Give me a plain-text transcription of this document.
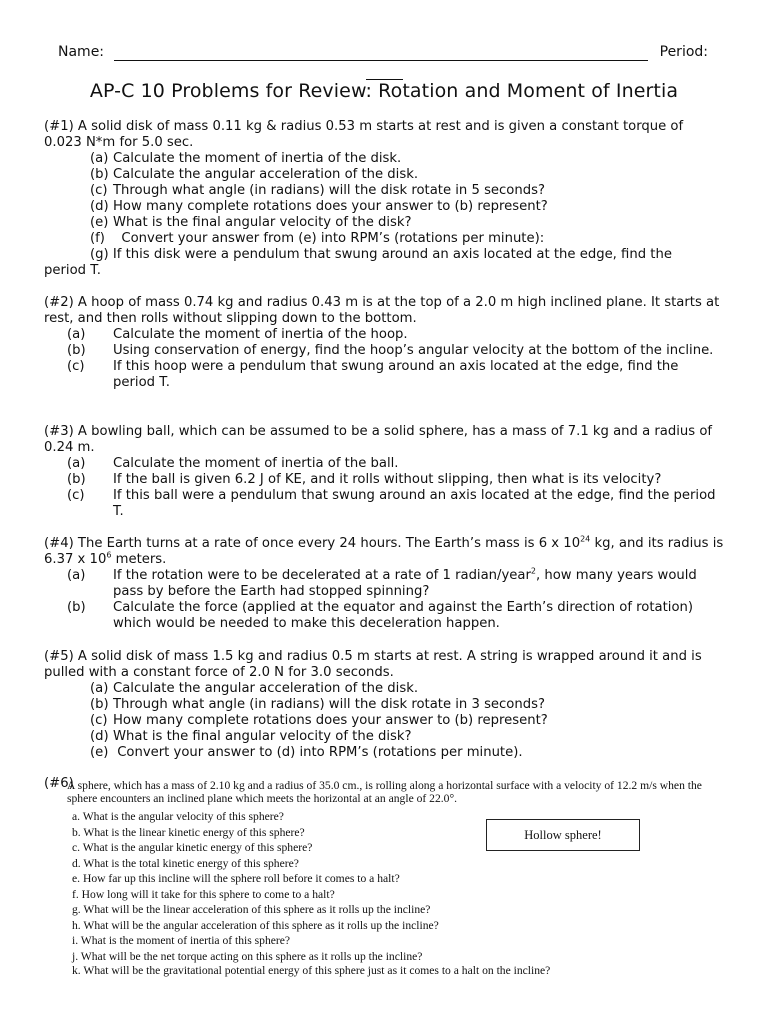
Name:	Period:
AP-C 10 Problems for Review: Rotation and Moment of Inertia

(#1) A solid disk of mass 0.11 kg & radius 0.53 m starts at rest and is given a constant torque of 0.023 N*m for 5.0 sec.

(a) Calculate the moment of inertia of the disk.
(b) Calculate the angular acceleration of the disk.
(c) Through what angle (in radians) will the disk rotate in 5 seconds?
(d) How many complete rotations does your answer to (b) represent?
(e) What is the final angular velocity of the disk?
(f)  Convert your answer from (e) into RPM’s (rotations per minute):
(g) If this disk were a pendulum that swung around an axis located at the edge, find the
period T.

(#2) A hoop of mass 0.74 kg and radius 0.43 m is at the top of a 2.0 m high inclined plane. It starts at rest, and then rolls without slipping down to the bottom.

(a) Calculate the moment of inertia of the hoop.
(b) Using conservation of energy, find the hoop’s angular velocity at the bottom of the incline.
(c) If this hoop were a pendulum that swung around an axis located at the edge, find the period T.

(#3) A bowling ball, which can be assumed to be a solid sphere, has a mass of 7.1 kg and a radius of 0.24 m.

(a) Calculate the moment of inertia of the ball.
(b) If the ball is given 6.2 J of KE, and it rolls without slipping, then what is its velocity?
(c) If this ball were a pendulum that swung around an axis located at the edge, find the period T.

(#4) The Earth turns at a rate of once every 24 hours. The Earth’s mass is 6 x $10^{24}$ kg, and its radius is 6.37 x $10^6$ meters.

(a) If the rotation were to be decelerated at a rate of 1 radian/year$^2$, how many years would pass by before the Earth had stopped spinning?
(b) Calculate the force (applied at the equator and against the Earth’s direction of rotation) which would be needed to make this deceleration happen.

(#5) A solid disk of mass 1.5 kg and radius 0.5 m starts at rest. A string is wrapped around it and is pulled with a constant force of 2.0 N for 3.0 seconds.

(a) Calculate the angular acceleration of the disk.
(b) Through what angle (in radians) will the disk rotate in 3 seconds?
(c) How many complete rotations does your answer to (b) represent?
(d) What is the final angular velocity of the disk?
(e) Convert your answer to (d) into RPM’s (rotations per minute).
(#6)
A sphere, which has a mass of 2.10 kg and a radius of 35.0 cm., is rolling along a horizontal surface with a velocity of 12.2 m/s when the sphere encounters an inclined plane which meets the horizontal at an angle of 22.0°.
a. What is the angular velocity of this sphere?
b. What is the linear kinetic energy of this sphere?
c. What is the angular kinetic energy of this sphere?
d. What is the total kinetic energy of this sphere?
e. How far up this incline will the sphere roll before it comes to a halt?
f. How long will it take for this sphere to come to a halt?
g. What will be the linear acceleration of this sphere as it rolls up the incline?
h. What will be the angular acceleration of this sphere as it rolls up the incline?
i. What is the moment of inertia of this sphere?
j. What will be the net torque acting on this sphere as it rolls up the incline?
k. What will be the gravitational potential energy of this sphere just as it comes to a halt on the incline?
Hollow sphere!
